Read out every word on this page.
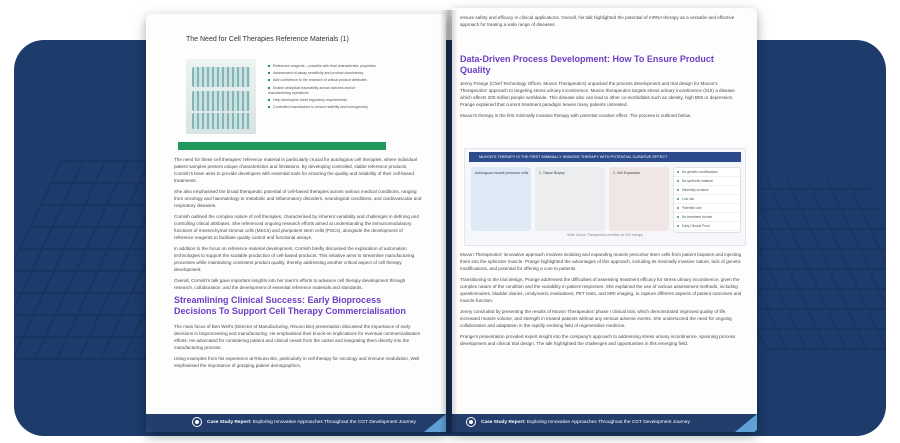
The Need for Cell Therapies Reference Materials (1)
Reference reagents – possible with final characteristic properties
Assessment of assay sensitivity and product consistency
Add confidence to the research of critical product attributes
Enable analytical traceability across batches and lot manufacturing operations
Help developers meet regulatory requirements
Controlled manufacture to ensure stability and homogeneity

The need for these cell therapies' reference material is particularly crucial for autologous cell therapies, where individual patient samples present unique characteristics and limitations. By developing controlled, stable reference products, Cornish's team aims to provide developers with essential tools for ensuring the quality and reliability of their cell-based treatments.

She also emphasised the broad therapeutic potential of cell-based therapies across various medical conditions, ranging from oncology and haematology to metabolic and inflammatory disorders, neurological conditions, and cardiovascular and respiratory diseases.

Cornish outlined the complex nature of cell therapies, characterised by inherent variability and challenges in defining and controlling critical attributes. She referenced ongoing research efforts aimed at understanding the immunomodulatory functions of mesenchymal stromal cells (MSCs) and pluripotent stem cells (PSCs), alongside the development of reference reagents to facilitate quality control and functional assays.

In addition to the focus on reference material development, Cornish briefly discussed the exploration of automation technologies to support the scalable production of cell-based products. This initiative aims to streamline manufacturing processes while maintaining consistent product quality, thereby addressing another critical aspect of cell therapy development.

Overall, Cornish's talk gave important insights into her team's efforts to advance cell therapy development through research, collaboration, and the development of essential reference materials and standards.

Streamlining Clinical Success: Early Bioprocess Decisions To Support Cell Therapy Commercialisation

The main focus of Ben Weil's (Director of Manufacturing, Rinuno Bio) presentation discussed the importance of early decisions in bioprocessing and manufacturing. He emphasised their knock-on implications for eventual commercialisation efforts. He advocated for considering patient and clinical needs from the outset and integrating them directly into the manufacturing process.

Using examples from his experience at Rinuno Bio, particularly in cell therapy for oncology and immune modulation, Weil emphasised the importance of grasping patient demographics,

Case Study Report: Exploring Innovative Approaches Throughout the CGT Development Journey
ensure safety and efficacy in clinical applications. Overall, his talk highlighted the potential of mRNA therapy as a versatile and effective approach for treating a wide range of diseases.
Data-Driven Process Development: How To Ensure Product Quality

Jenny Prange (Chief Technology Officer, Muvon Therapeutics) unpacked the process development and trial design for Muvon's Therapeutics' approach to targeting stress urinary incontinence. Muvon therapeutics targets stress urinary incontinence (SUI) a disease which affects 200 million people worldwide. This disease also can lead to other co-morbidities such as obesity, high BMI or depression. Prange explained that current treatment paradigm leaves many patients untreated.

Muvon's therapy is the first minimally invasive therapy with potential curative effect. The process is outlined below.

MUVON'S THERAPY IS THE FIRST MINIMALLY INVASIVE THERAPY WITH POTENTIAL CURATIVE EFFECT
Autologous muscle precursor cells	1. Tissue Biopsy	2. Cell Expansion	No genetic modifications
No synthetic material
Minimally invasive
Low risk
Patented use
No treatment burden
Early Clinical Proof
Slide: Muvon Therapeutics workflow for SUI therapy

Muvon Therapeutics' innovative approach involves isolating and expanding muscle precursor stem cells from patient biopsies and injecting them into the sphincter muscle. Prange highlighted the advantages of this approach, including its minimally invasive nature, lack of genetic modifications, and potential for offering a cure to patients.

Transitioning to the trial design, Prange addressed the difficulties of assessing treatment efficacy for stress urinary incontinence, given the complex nature of the condition and the variability in patient responses. She explained the use of various assessment methods, including questionnaires, bladder diaries, urodynamic evaluations, PET tests, and MRI imaging, to capture different aspects of patient outcomes and muscle function.

Jenny concluded by presenting the results of Muvon Therapeutics' phase I clinical trial, which demonstrated improved quality of life, increased muscle volume, and strength in treated patients without any serious adverse events. She underscored the need for ongoing collaboration and adaptation in the rapidly evolving field of regenerative medicine.

Prange's presentation provided expert insight into the company's approach to addressing stress urinary incontinence, spanning process development and clinical trial design. The talk highlighted the challenges and opportunities in this emerging field.

Case Study Report: Exploring Innovative Approaches Throughout the CGT Development Journey
